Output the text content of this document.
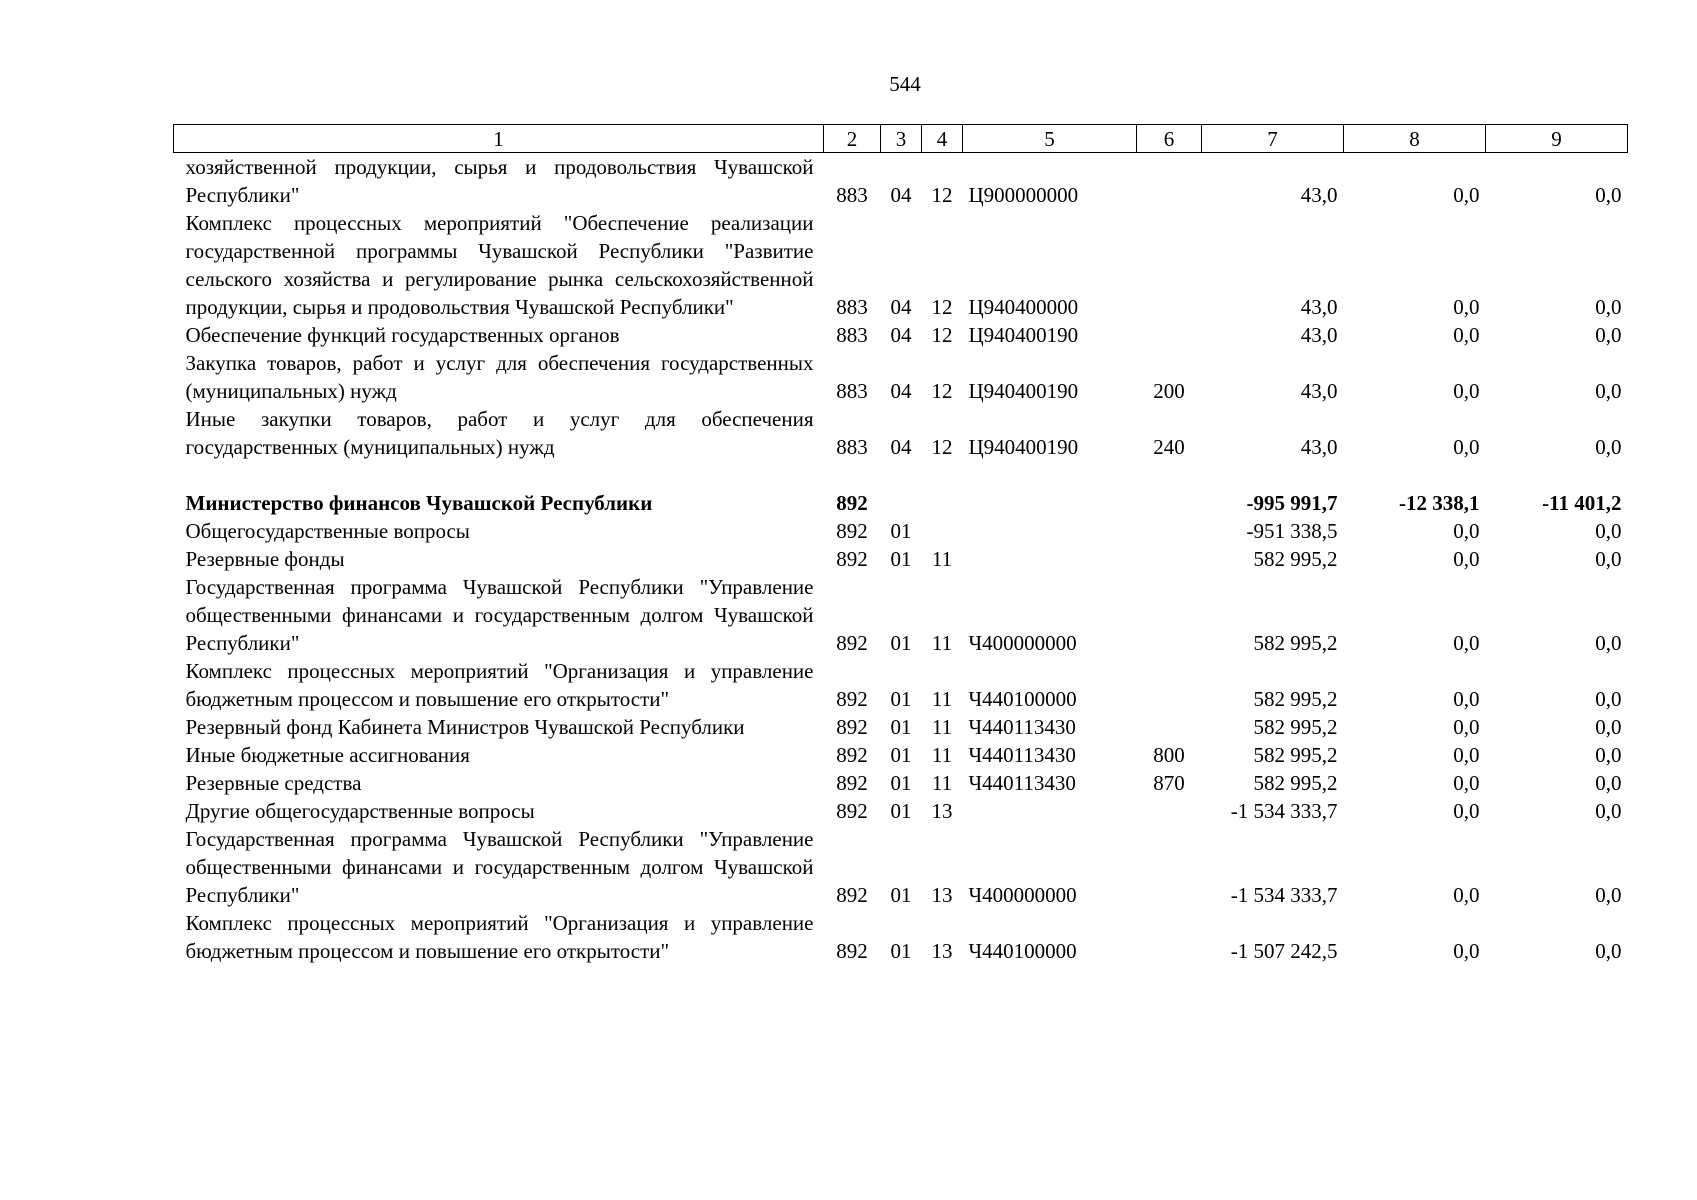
544
1	2	3	4	5	6	7	8	9
хозяйственной продукции, сырья и продовольствия Чувашской Республики"	883	04	12	Ц900000000		43,0	0,0	0,0
Комплекс процессных мероприятий "Обеспечение реализации государственной программы Чувашской Республики "Развитие сельского хозяйства и регулирование рынка сельскохозяйственной продукции, сырья и продовольствия Чувашской Республики"	883	04	12	Ц940400000		43,0	0,0	0,0
Обеспечение функций государственных органов	883	04	12	Ц940400190		43,0	0,0	0,0
Закупка товаров, работ и услуг для обеспечения государственных (муниципальных) нужд	883	04	12	Ц940400190	200	43,0	0,0	0,0
Иные закупки товаров, работ и услуг для обеспечения государственных (муниципальных) нужд	883	04	12	Ц940400190	240	43,0	0,0	0,0

Министерство финансов Чувашской Республики	892					-995 991,7	-12 338,1	-11 401,2
Общегосударственные вопросы	892	01				-951 338,5	0,0	0,0
Резервные фонды	892	01	11			582 995,2	0,0	0,0
Государственная программа Чувашской Республики "Управление общественными финансами и государственным долгом Чувашской Республики"	892	01	11	Ч400000000		582 995,2	0,0	0,0
Комплекс процессных мероприятий "Организация и управление бюджетным процессом и повышение его открытости"	892	01	11	Ч440100000		582 995,2	0,0	0,0
Резервный фонд Кабинета Министров Чувашской Республики	892	01	11	Ч440113430		582 995,2	0,0	0,0
Иные бюджетные ассигнования	892	01	11	Ч440113430	800	582 995,2	0,0	0,0
Резервные средства	892	01	11	Ч440113430	870	582 995,2	0,0	0,0
Другие общегосударственные вопросы	892	01	13			-1 534 333,7	0,0	0,0
Государственная программа Чувашской Республики "Управление общественными финансами и государственным долгом Чувашской Республики"	892	01	13	Ч400000000		-1 534 333,7	0,0	0,0
Комплекс процессных мероприятий "Организация и управление бюджетным процессом и повышение его открытости"	892	01	13	Ч440100000		-1 507 242,5	0,0	0,0
